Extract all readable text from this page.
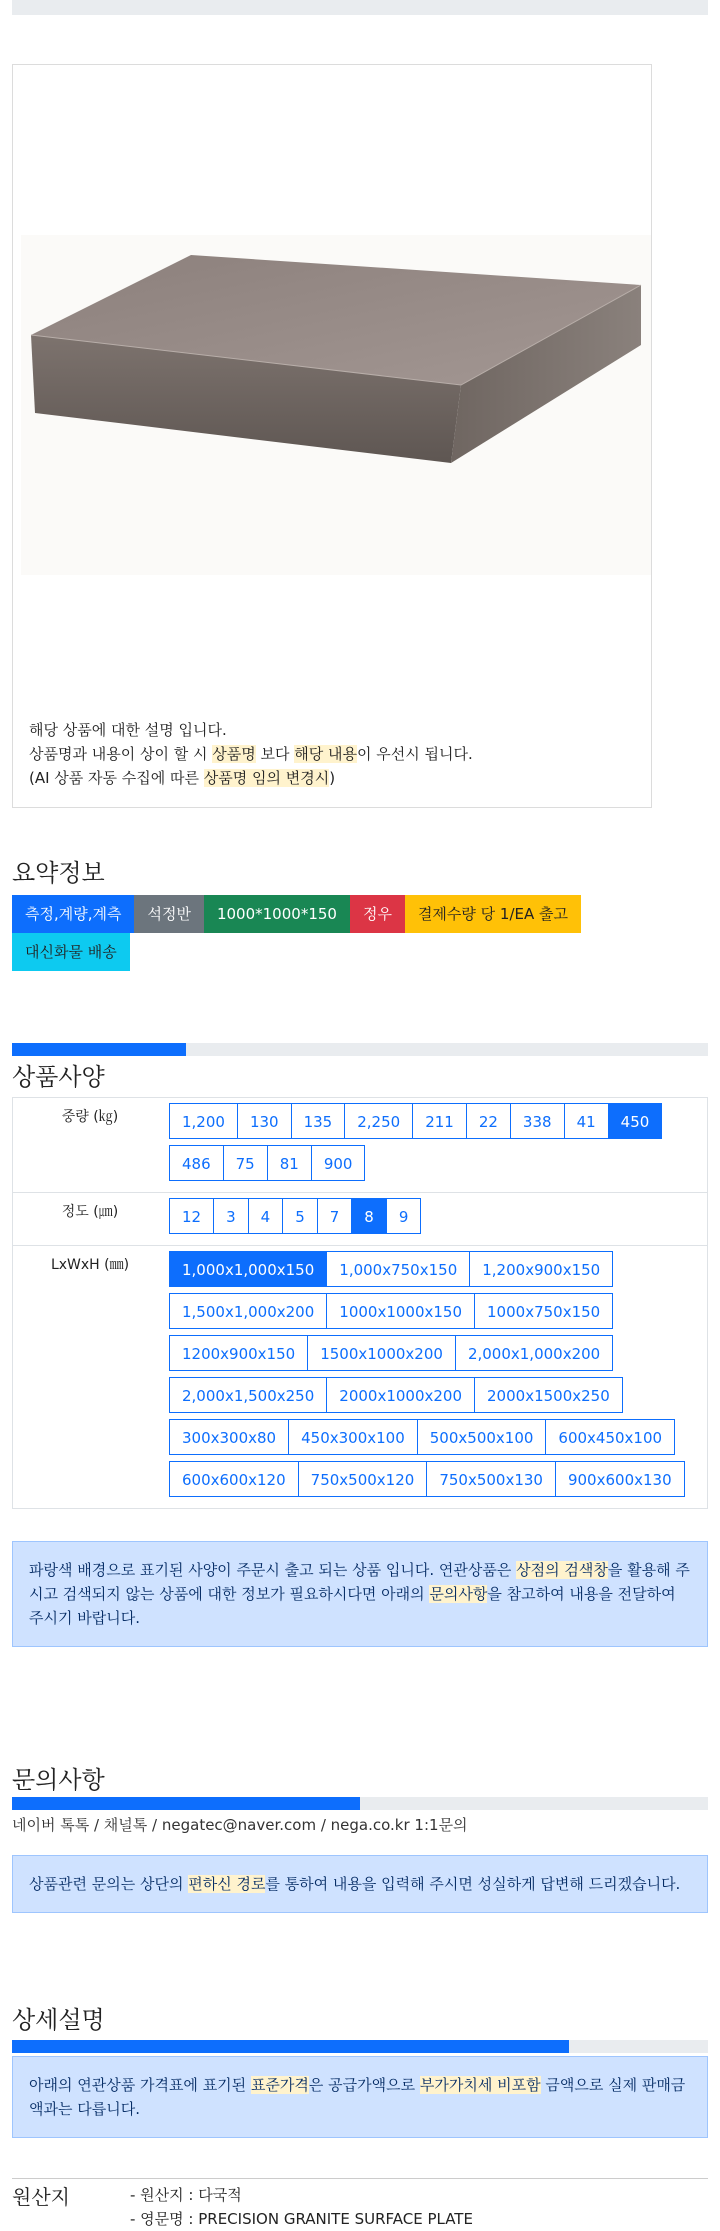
해당 상품에 대한 설명 입니다.
상품명과 내용이 상이 할 시 상품명 보다 해당 내용이 우선시 됩니다.
(AI 상품 자동 수집에 따른 상품명 임의 변경시)
요약정보
측정,계량,계측	석정반	1000*1000*150	정우	결제수량 당 1/EA 출고
대신화물 배송
상품사양
중량 (㎏)	1,200	130	135	2,250	211	22	338	41	450
486	75	81	900
정도 (㎛)	12	3	4	5	7	8	9
LxWxH (㎜)	1,000x1,000x150	1,000x750x150	1,200x900x150
1,500x1,000x200	1000x1000x150	1000x750x150
1200x900x150	1500x1000x200	2,000x1,000x200
2,000x1,500x250	2000x1000x200	2000x1500x250
300x300x80	450x300x100	500x500x100	600x450x100
600x600x120	750x500x120	750x500x130	900x600x130
파랑색 배경으로 표기된 사양이 주문시 출고 되는 상품 입니다. 연관상품은 상점의 검색창을 활용해 주시고 검색되지 않는 상품에 대한 정보가 필요하시다면 아래의 문의사항을 참고하여 내용을 전달하여 주시기 바랍니다.
문의사항
네이버 톡톡 / 채널톡 / negatec@naver.com / nega.co.kr 1:1문의
상품관련 문의는 상단의 편하신 경로를 통하여 내용을 입력해 주시면 성실하게 답변해 드리겠습니다.
상세설명
아래의 연관상품 가격표에 표기된 표준가격은 공급가액으로 부가가치세 비포함 금액으로 실제 판매금액과는 다릅니다.
원산지	- 원산지 : 다국적
- 영문명 : PRECISION GRANITE SURFACE PLATE
